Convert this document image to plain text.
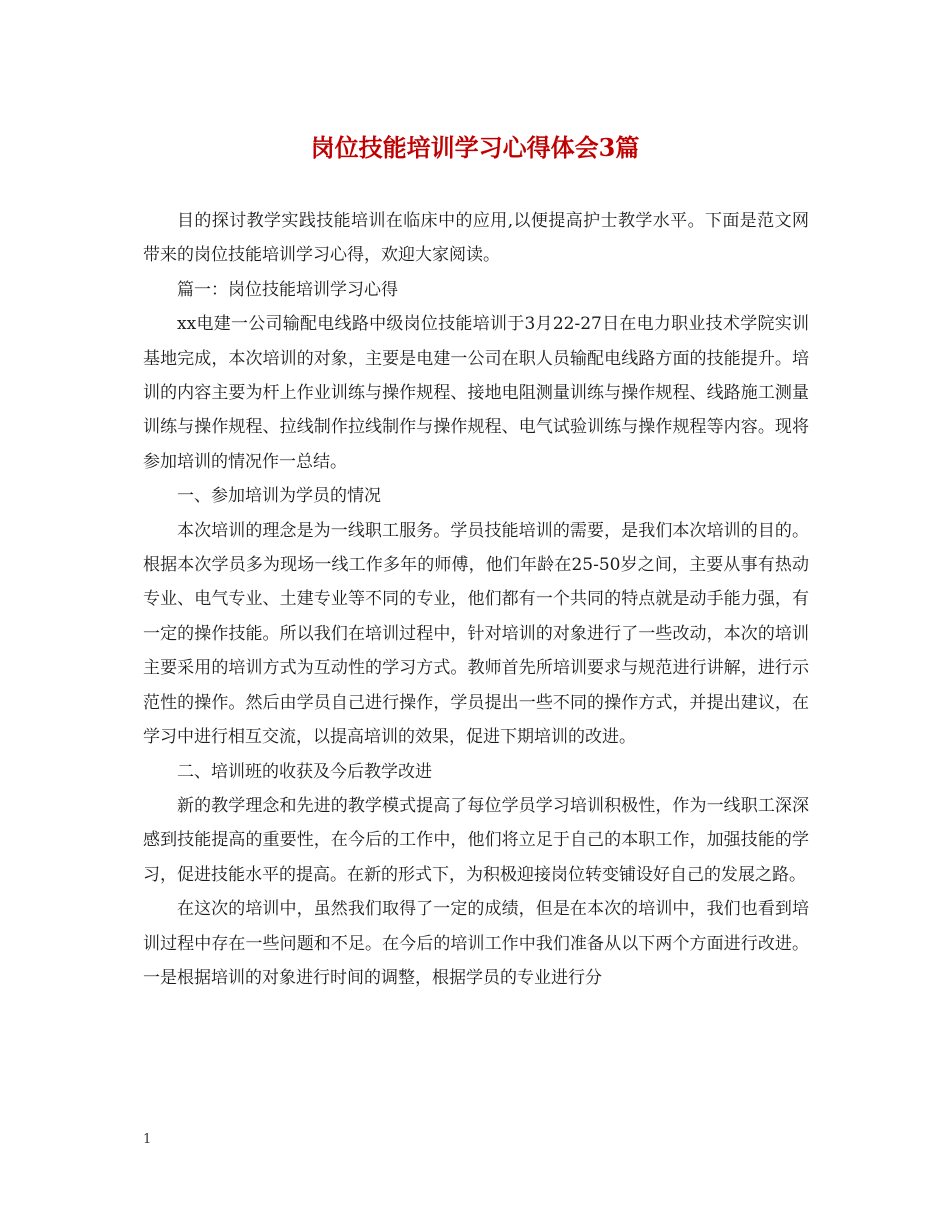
岗位技能培训学习心得体会3篇

目的探讨教学实践技能培训在临床中的应用,以便提高护士教学水平。下面是范文网带来的岗位技能培训学习心得，欢迎大家阅读。

篇一：岗位技能培训学习心得

xx电建一公司输配电线路中级岗位技能培训于3月22-27日在电力职业技术学院实训基地完成，本次培训的对象，主要是电建一公司在职人员输配电线路方面的技能提升。培训的内容主要为杆上作业训练与操作规程、接地电阻测量训练与操作规程、线路施工测量训练与操作规程、拉线制作拉线制作与操作规程、电气试验训练与操作规程等内容。现将参加培训的情况作一总结。

一、参加培训为学员的情况

本次培训的理念是为一线职工服务。学员技能培训的需要，是我们本次培训的目的。根据本次学员多为现场一线工作多年的师傅，他们年龄在25-50岁之间，主要从事有热动专业、电气专业、土建专业等不同的专业，他们都有一个共同的特点就是动手能力强，有一定的操作技能。所以我们在培训过程中，针对培训的对象进行了一些改动，本次的培训主要采用的培训方式为互动性的学习方式。教师首先所培训要求与规范进行讲解，进行示范性的操作。然后由学员自己进行操作，学员提出一些不同的操作方式，并提出建议，在学习中进行相互交流，以提高培训的效果，促进下期培训的改进。

二、培训班的收获及今后教学改进

新的教学理念和先进的教学模式提高了每位学员学习培训积极性，作为一线职工深深感到技能提高的重要性，在今后的工作中，他们将立足于自己的本职工作，加强技能的学习，促进技能水平的提高。在新的形式下，为积极迎接岗位转变铺设好自己的发展之路。

在这次的培训中，虽然我们取得了一定的成绩，但是在本次的培训中，我们也看到培训过程中存在一些问题和不足。在今后的培训工作中我们准备从以下两个方面进行改进。一是根据培训的对象进行时间的调整，根据学员的专业进行分

1
